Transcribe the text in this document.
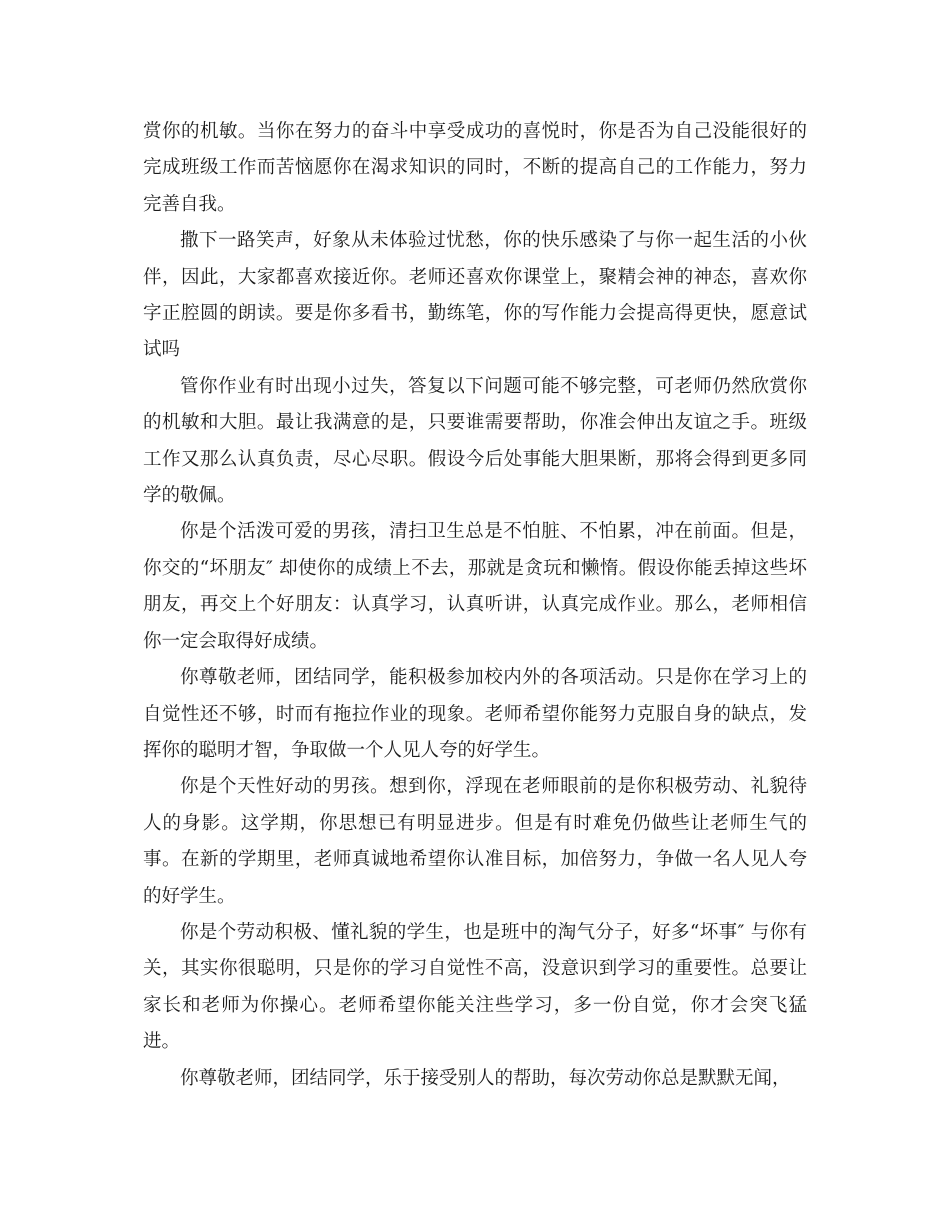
赏你的机敏。当你在努力的奋斗中享受成功的喜悦时，你是否为自己没能很好的完成班级工作而苦恼愿你在渴求知识的同时，不断的提高自己的工作能力，努力完善自我。

撒下一路笑声，好象从未体验过忧愁，你的快乐感染了与你一起生活的小伙伴，因此，大家都喜欢接近你。老师还喜欢你课堂上，聚精会神的神态，喜欢你字正腔圆的朗读。要是你多看书，勤练笔，你的写作能力会提高得更快，愿意试试吗

管你作业有时出现小过失，答复以下问题可能不够完整，可老师仍然欣赏你的机敏和大胆。最让我满意的是，只要谁需要帮助，你准会伸出友谊之手。班级工作又那么认真负责，尽心尽职。假设今后处事能大胆果断，那将会得到更多同学的敬佩。

你是个活泼可爱的男孩，清扫卫生总是不怕脏、不怕累，冲在前面。但是，你交的“坏朋友″ 却使你的成绩上不去，那就是贪玩和懒惰。假设你能丢掉这些坏朋友，再交上个好朋友：认真学习，认真听讲，认真完成作业。那么，老师相信你一定会取得好成绩。

你尊敬老师，团结同学，能积极参加校内外的各项活动。只是你在学习上的自觉性还不够，时而有拖拉作业的现象。老师希望你能努力克服自身的缺点，发挥你的聪明才智，争取做一个人见人夸的好学生。

你是个天性好动的男孩。想到你，浮现在老师眼前的是你积极劳动、礼貌待人的身影。这学期，你思想已有明显进步。但是有时难免仍做些让老师生气的事。在新的学期里，老师真诚地希望你认准目标，加倍努力，争做一名人见人夸的好学生。

你是个劳动积极、懂礼貌的学生，也是班中的淘气分子，好多“坏事″ 与你有关，其实你很聪明，只是你的学习自觉性不高，没意识到学习的重要性。总要让家长和老师为你操心。老师希望你能关注些学习，多一份自觉，你才会突飞猛进。

你尊敬老师，团结同学，乐于接受别人的帮助，每次劳动你总是默默无闻，
